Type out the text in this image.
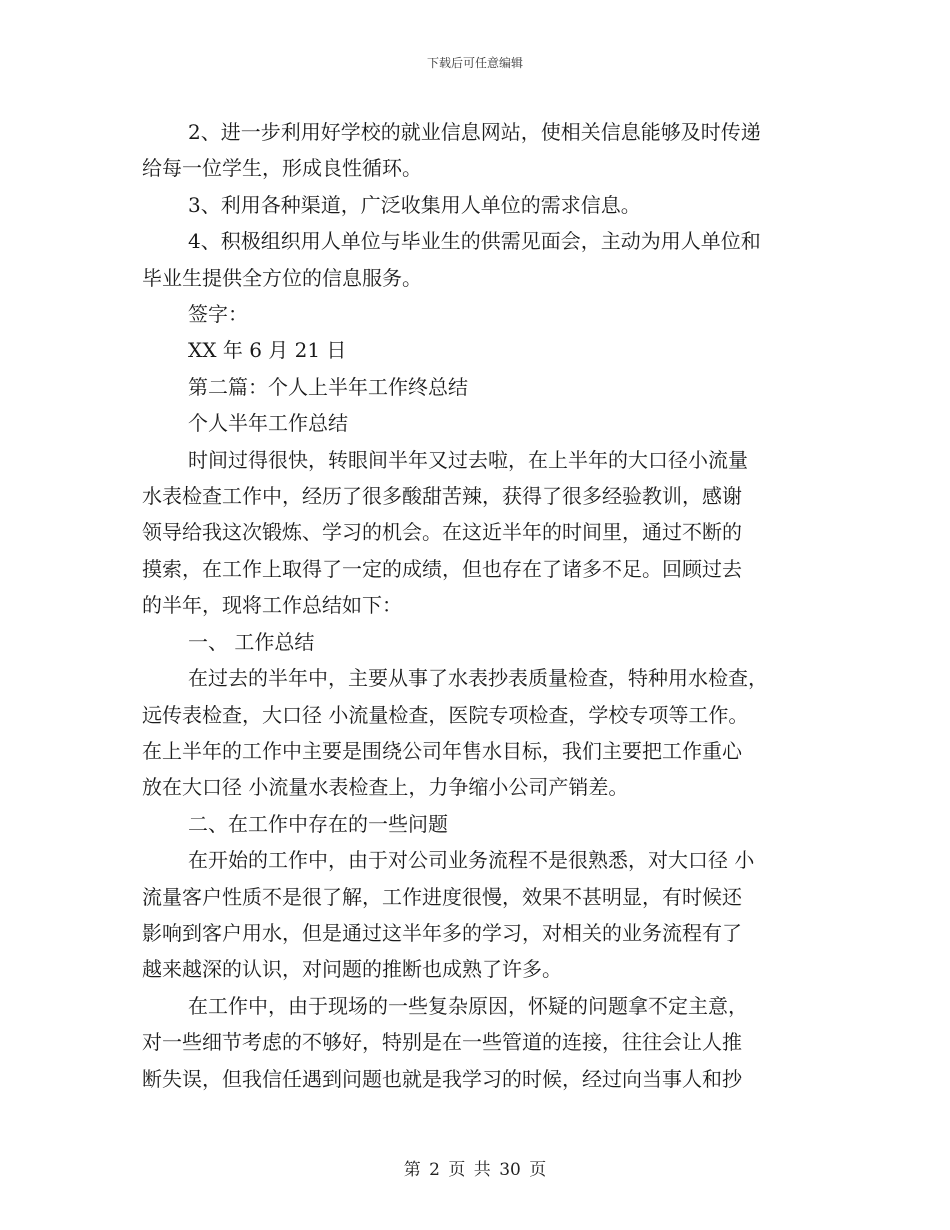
下载后可任意编辑

2、进一步利用好学校的就业信息网站，使相关信息能够及时传递

给每一位学生，形成良性循环。

3、利用各种渠道，广泛收集用人单位的需求信息。

4、积极组织用人单位与毕业生的供需见面会，主动为用人单位和

毕业生提供全方位的信息服务。

签字：

XX 年 6 月 21 日

第二篇：个人上半年工作终总结

个人半年工作总结

时间过得很快，转眼间半年又过去啦，在上半年的大口径小流量

水表检查工作中，经历了很多酸甜苦辣，获得了很多经验教训，感谢

领导给我这次锻炼、学习的机会。在这近半年的时间里，通过不断的

摸索，在工作上取得了一定的成绩，但也存在了诸多不足。回顾过去

的半年，现将工作总结如下：

一、 工作总结

在过去的半年中，主要从事了水表抄表质量检查，特种用水检查，

远传表检查，大口径 小流量检查，医院专项检查，学校专项等工作。

在上半年的工作中主要是围绕公司年售水目标，我们主要把工作重心

放在大口径 小流量水表检查上，力争缩小公司产销差。

二、在工作中存在的一些问题

在开始的工作中，由于对公司业务流程不是很熟悉，对大口径 小

流量客户性质不是很了解，工作进度很慢，效果不甚明显，有时候还

影响到客户用水，但是通过这半年多的学习，对相关的业务流程有了

越来越深的认识，对问题的推断也成熟了许多。

在工作中，由于现场的一些复杂原因，怀疑的问题拿不定主意，

对一些细节考虑的不够好，特别是在一些管道的连接，往往会让人推

断失误，但我信任遇到问题也就是我学习的时候，经过向当事人和抄

第 2 页 共 30 页
